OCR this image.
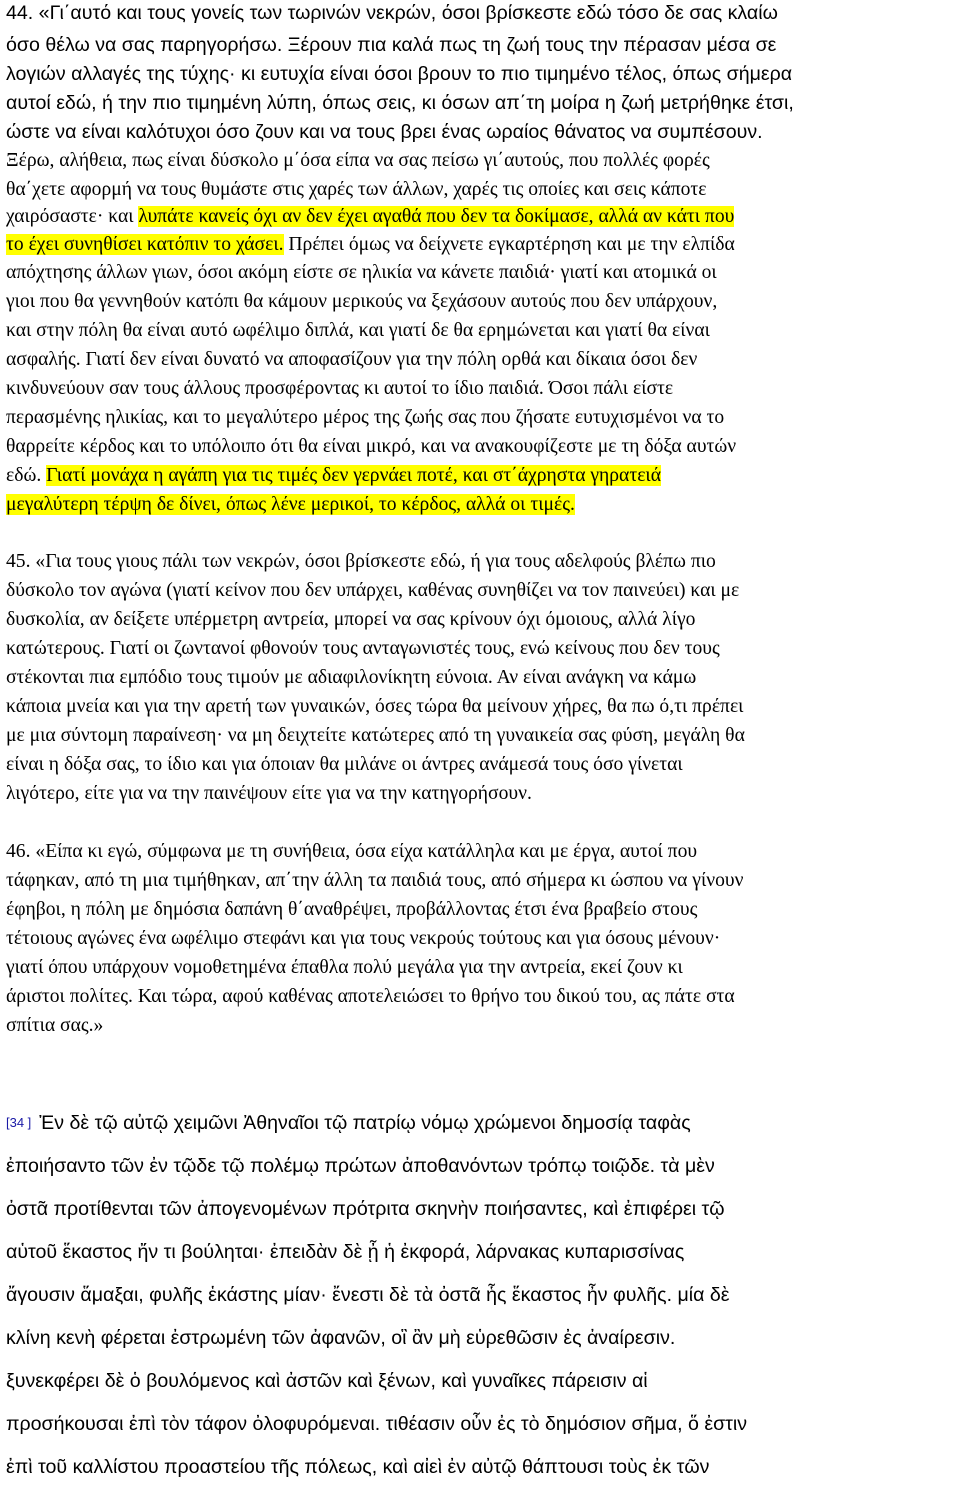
44. «Γι΄αυτό και τους γονείς των τωρινών νεκρών, όσοι βρίσκεστε εδώ τόσο δε σας κλαίω
όσο θέλω να σας παρηγορήσω. Ξέρουν πια καλά πως τη ζωή τους την πέρασαν μέσα σε
λογιών αλλαγές της τύχης· κι ευτυχία είναι όσοι βρουν το πιο τιμημένο τέλος, όπως σήμερα
αυτοί εδώ, ή την πιο τιμημένη λύπη, όπως σεις, κι όσων απ΄τη μοίρα η ζωή μετρήθηκε έτσι,
ώστε να είναι καλότυχοι όσο ζουν και να τους βρει ένας ωραίος θάνατος να συμπέσουν.
Ξέρω, αλήθεια, πως είναι δύσκολο μ΄όσα είπα να σας πείσω γι΄αυτούς, που πολλές φορές
θα΄χετε αφορμή να τους θυμάστε στις χαρές των άλλων, χαρές τις οποίες και σεις κάποτε
χαιρόσαστε· και λυπάτε κανείς όχι αν δεν έχει αγαθά που δεν τα δοκίμασε, αλλά αν κάτι που
το έχει συνηθίσει κατόπιν το χάσει. Πρέπει όμως να δείχνετε εγκαρτέρηση και με την ελπίδα
απόχτησης άλλων γιων, όσοι ακόμη είστε σε ηλικία να κάνετε παιδιά· γιατί και ατομικά οι
γιοι που θα γεννηθούν κατόπι θα κάμουν μερικούς να ξεχάσουν αυτούς που δεν υπάρχουν,
και στην πόλη θα είναι αυτό ωφέλιμο διπλά, και γιατί δε θα ερημώνεται και γιατί θα είναι
ασφαλής. Γιατί δεν είναι δυνατό να αποφασίζουν για την πόλη ορθά και δίκαια όσοι δεν
κινδυνεύουν σαν τους άλλους προσφέροντας κι αυτοί το ίδιο παιδιά. Όσοι πάλι είστε
περασμένης ηλικίας, και το μεγαλύτερο μέρος της ζωής σας που ζήσατε ευτυχισμένοι να το
θαρρείτε κέρδος και το υπόλοιπο ότι θα είναι μικρό, και να ανακουφίζεστε με τη δόξα αυτών
εδώ. Γιατί μονάχα η αγάπη για τις τιμές δεν γερνάει ποτέ, και στ΄άχρηστα γηρατειά
μεγαλύτερη τέρψη δε δίνει, όπως λένε μερικοί, το κέρδος, αλλά οι τιμές.
45. «Για τους γιους πάλι των νεκρών, όσοι βρίσκεστε εδώ, ή για τους αδελφούς βλέπω πιο
δύσκολο τον αγώνα (γιατί κείνον που δεν υπάρχει, καθένας συνηθίζει να τον παινεύει) και με
δυσκολία, αν δείξετε υπέρμετρη αντρεία, μπορεί να σας κρίνουν όχι όμοιους, αλλά λίγο
κατώτερους. Γιατί οι ζωντανοί φθονούν τους ανταγωνιστές τους, ενώ κείνους που δεν τους
στέκονται πια εμπόδιο τους τιμούν με αδιαφιλονίκητη εύνοια. Αν είναι ανάγκη να κάμω
κάποια μνεία και για την αρετή των γυναικών, όσες τώρα θα μείνουν χήρες, θα πω ό,τι πρέπει
με μια σύντομη παραίνεση· να μη δειχτείτε κατώτερες από τη γυναικεία σας φύση, μεγάλη θα
είναι η δόξα σας, το ίδιο και για όποιαν θα μιλάνε οι άντρες ανάμεσά τους όσο γίνεται
λιγότερο, είτε για να την παινέψουν είτε για να την κατηγορήσουν.
46. «Είπα κι εγώ, σύμφωνα με τη συνήθεια, όσα είχα κατάλληλα και με έργα, αυτοί που
τάφηκαν, από τη μια τιμήθηκαν, απ΄την άλλη τα παιδιά τους, από σήμερα κι ώσπου να γίνουν
έφηβοι, η πόλη με δημόσια δαπάνη θ΄αναθρέψει, προβάλλοντας έτσι ένα βραβείο στους
τέτοιους αγώνες ένα ωφέλιμο στεφάνι και για τους νεκρούς τούτους και για όσους μένουν·
γιατί όπου υπάρχουν νομοθετημένα έπαθλα πολύ μεγάλα για την αντρεία, εκεί ζουν κι
άριστοι πολίτες. Και τώρα, αφού καθένας αποτελειώσει το θρήνο του δικού του, ας πάτε στα
σπίτια σας.»
[34 ] Ἐν δὲ τῷ αὐτῷ χειμῶνι Ἀθηναῖοι τῷ πατρίῳ νόμῳ χρώμενοι δημοσίᾳ ταφὰς
ἐποιήσαντο τῶν ἐν τῷδε τῷ πολέμῳ πρώτων ἀποθανόντων τρόπῳ τοιῷδε. τὰ μὲν
ὀστᾶ προτίθενται τῶν ἀπογενομένων πρότριτα σκηνὴν ποιήσαντες, καὶ ἐπιφέρει τῷ
αὑτοῦ ἕκαστος ἤν τι βούληται· ἐπειδὰν δὲ ᾖ ἡ ἐκφορά, λάρνακας κυπαρισσίνας
ἄγουσιν ἅμαξαι, φυλῆς ἑκάστης μίαν· ἔνεστι δὲ τὰ ὀστᾶ ἧς ἕκαστος ἦν φυλῆς. μία δὲ
κλίνη κενὴ φέρεται ἐστρωμένη τῶν ἀφανῶν, οἳ ἂν μὴ εὑρεθῶσιν ἐς ἀναίρεσιν.
ξυνεκφέρει δὲ ὁ βουλόμενος καὶ ἀστῶν καὶ ξένων, καὶ γυναῖκες πάρεισιν αἱ
προσήκουσαι ἐπὶ τὸν τάφον ὀλοφυρόμεναι. τιθέασιν οὖν ἐς τὸ δημόσιον σῆμα, ὅ ἐστιν
ἐπὶ τοῦ καλλίστου προαστείου τῆς πόλεως, καὶ αἰεὶ ἐν αὐτῷ θάπτουσι τοὺς ἐκ τῶν
